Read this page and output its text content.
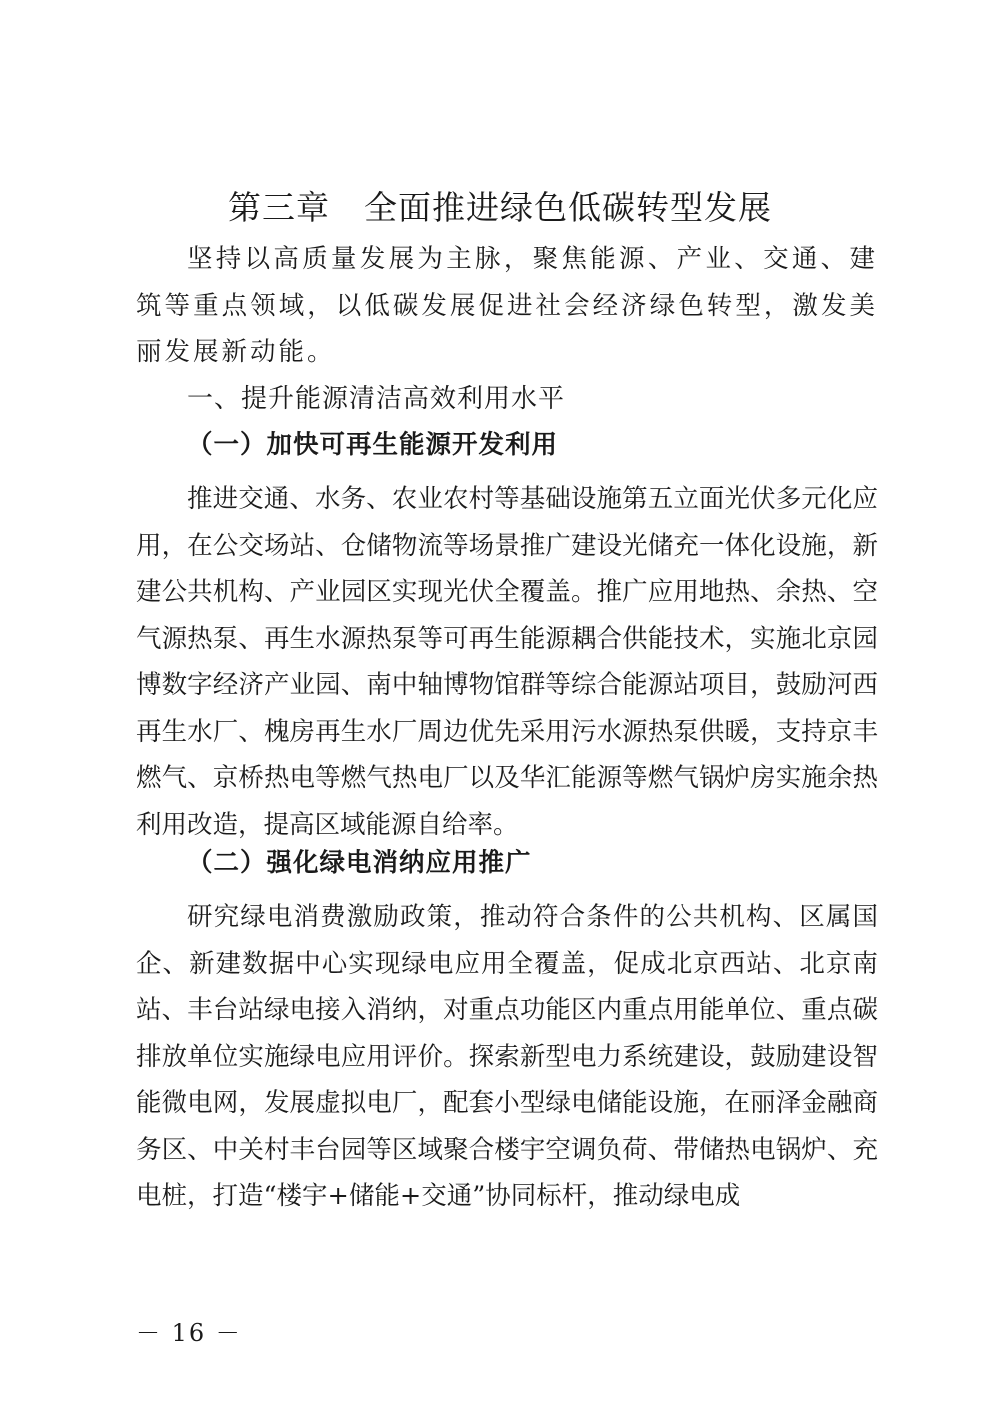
第三章　全面推进绿色低碳转型发展

坚持以高质量发展为主脉，聚焦能源、产业、交通、建筑等重点领域，以低碳发展促进社会经济绿色转型，激发美丽发展新动能。

一、提升能源清洁高效利用水平
（一）加快可再生能源开发利用

推进交通、水务、农业农村等基础设施第五立面光伏多元化应用，在公交场站、仓储物流等场景推广建设光储充一体化设施，新建公共机构、产业园区实现光伏全覆盖。推广应用地热、余热、空气源热泵、再生水源热泵等可再生能源耦合供能技术，实施北京园博数字经济产业园、南中轴博物馆群等综合能源站项目，鼓励河西再生水厂、槐房再生水厂周边优先采用污水源热泵供暖，支持京丰燃气、京桥热电等燃气热电厂以及华汇能源等燃气锅炉房实施余热利用改造，提高区域能源自给率。

（二）强化绿电消纳应用推广

研究绿电消费激励政策，推动符合条件的公共机构、区属国企、新建数据中心实现绿电应用全覆盖，促成北京西站、北京南站、丰台站绿电接入消纳，对重点功能区内重点用能单位、重点碳排放单位实施绿电应用评价。探索新型电力系统建设，鼓励建设智能微电网，发展虚拟电厂，配套小型绿电储能设施，在丽泽金融商务区、中关村丰台园等区域聚合楼宇空调负荷、带储热电锅炉、充电桩，打造“楼宇+储能+交通”协同标杆，推动绿电成

－ 16 －
